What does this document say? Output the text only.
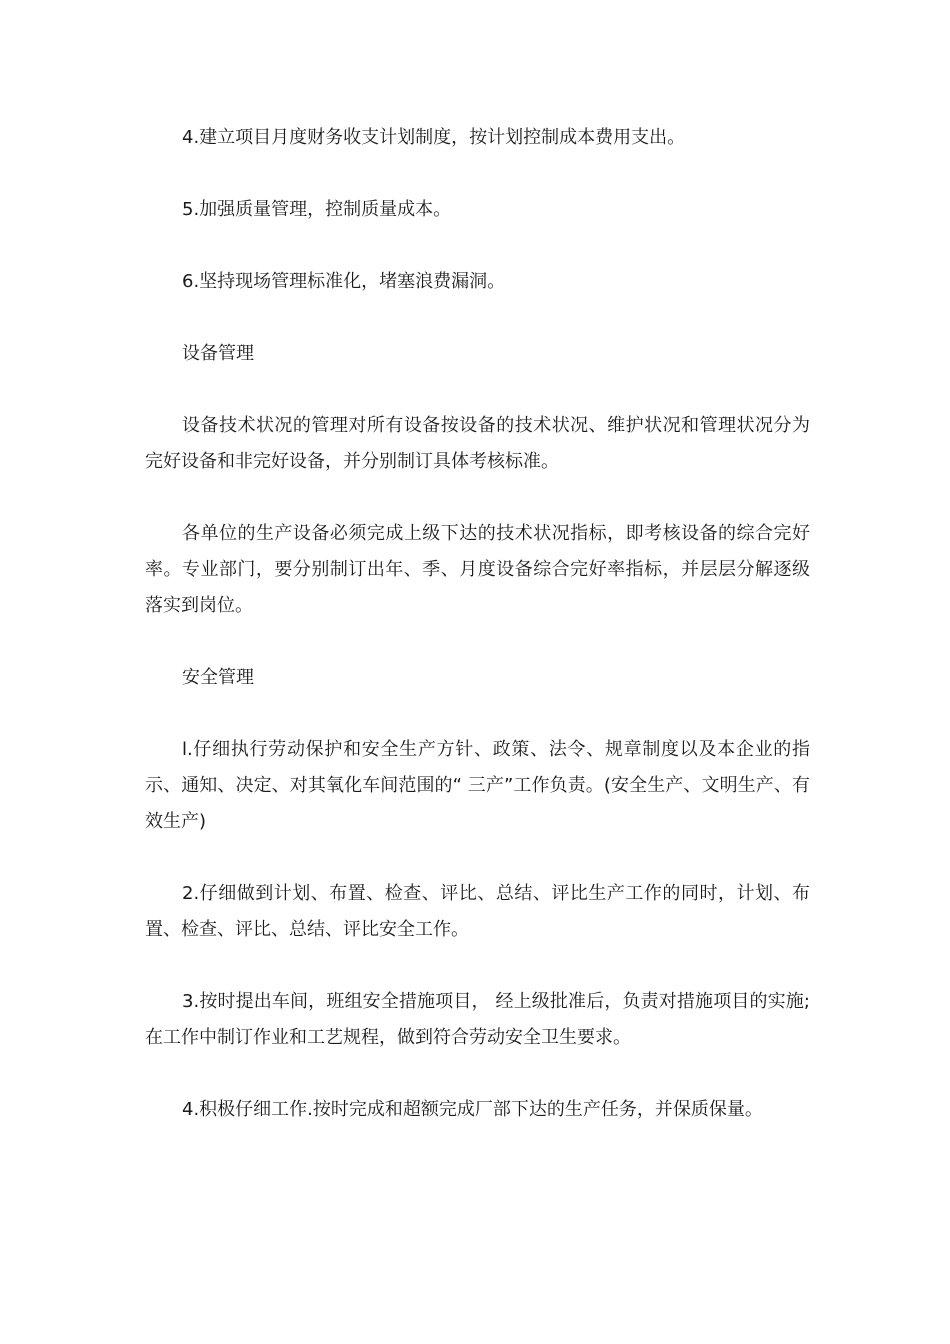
4.建立项目月度财务收支计划制度，按计划控制成本费用支出。

5.加强质量管理，控制质量成本。

6.坚持现场管理标准化，堵塞浪费漏洞。

设备管理

设备技术状况的管理对所有设备按设备的技术状况、维护状况和管理状况分为完好设备和非完好设备，并分别制订具体考核标准。

各单位的生产设备必须完成上级下达的技术状况指标，即考核设备的综合完好率。专业部门，要分别制订出年、季、月度设备综合完好率指标，并层层分解逐级落实到岗位。

安全管理

l.仔细执行劳动保护和安全生产方针、政策、法令、规章制度以及本企业的指示、通知、决定、对其氧化车间范围的“ 三产”工作负责。(安全生产、文明生产、有效生产)

2.仔细做到计划、布置、检查、评比、总结、评比生产工作的同时，计划、布置、检查、评比、总结、评比安全工作。

3.按时提出车间，班组安全措施项目， 经上级批准后，负责对措施项目的实施;在工作中制订作业和工艺规程，做到符合劳动安全卫生要求。

4.积极仔细工作.按时完成和超额完成厂部下达的生产任务，并保质保量。
